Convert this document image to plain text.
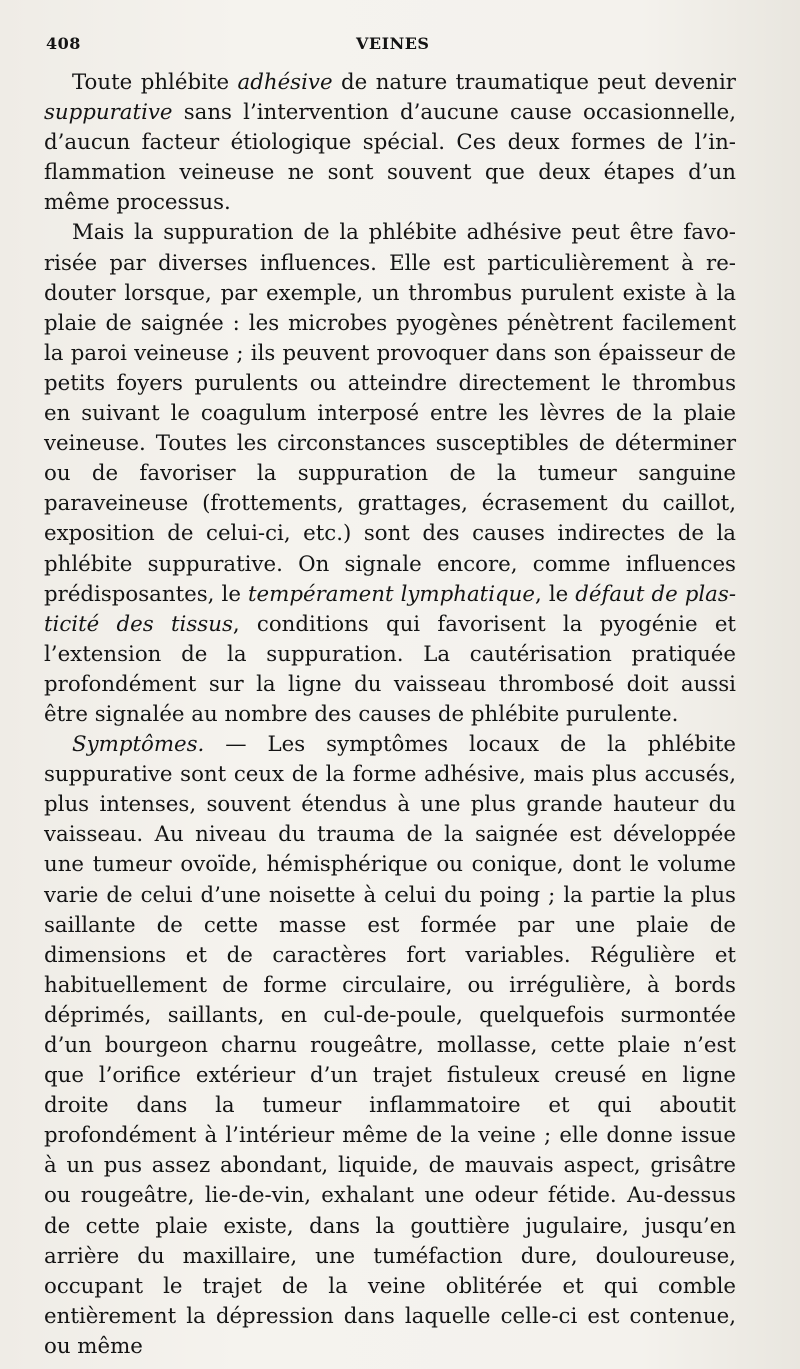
408	VEINES

Toute phlébite adhésive de nature traumatique peut devenir suppurative sans l’intervention d’aucune cause occasionnelle, d’aucun facteur étiologique spécial. Ces deux formes de l’inflammation veineuse ne sont souvent que deux étapes d’un même processus.

Mais la suppuration de la phlébite adhésive peut être favorisée par diverses influences. Elle est particulièrement à redouter lorsque, par exemple, un thrombus purulent existe à la plaie de saignée : les microbes pyogènes pénètrent facilement la paroi veineuse ; ils peuvent provoquer dans son épaisseur de petits foyers purulents ou atteindre directement le thrombus en suivant le coagulum interposé entre les lèvres de la plaie veineuse. Toutes les circonstances susceptibles de déterminer ou de favoriser la suppuration de la tumeur sanguine paraveineuse (frottements, grattages, écrasement du caillot, exposition de celui-ci, etc.) sont des causes indirectes de la phlébite suppurative. On signale encore, comme influences prédisposantes, le tempérament lymphatique, le défaut de plasticité des tissus, conditions qui favorisent la pyogénie et l’extension de la suppuration. La cautérisation pratiquée profondément sur la ligne du vaisseau thrombosé doit aussi être signalée au nombre des causes de phlébite purulente.

Symptômes. — Les symptômes locaux de la phlébite suppurative sont ceux de la forme adhésive, mais plus accusés, plus intenses, souvent étendus à une plus grande hauteur du vaisseau. Au niveau du trauma de la saignée est développée une tumeur ovoïde, hémisphérique ou conique, dont le volume varie de celui d’une noisette à celui du poing ; la partie la plus saillante de cette masse est formée par une plaie de dimensions et de caractères fort variables. Régulière et habituellement de forme circulaire, ou irrégulière, à bords déprimés, saillants, en cul-de-poule, quelquefois surmontée d’un bourgeon charnu rougeâtre, mollasse, cette plaie n’est que l’orifice extérieur d’un trajet fistuleux creusé en ligne droite dans la tumeur inflammatoire et qui aboutit profondément à l’intérieur même de la veine ; elle donne issue à un pus assez abondant, liquide, de mauvais aspect, grisâtre ou rougeâtre, lie-de-vin, exhalant une odeur fétide. Au-dessus de cette plaie existe, dans la gouttière jugulaire, jusqu’en arrière du maxillaire, une tuméfaction dure, douloureuse, occupant le trajet de la veine oblitérée et qui comble entièrement la dépression dans laquelle celle-ci est contenue, ou même
